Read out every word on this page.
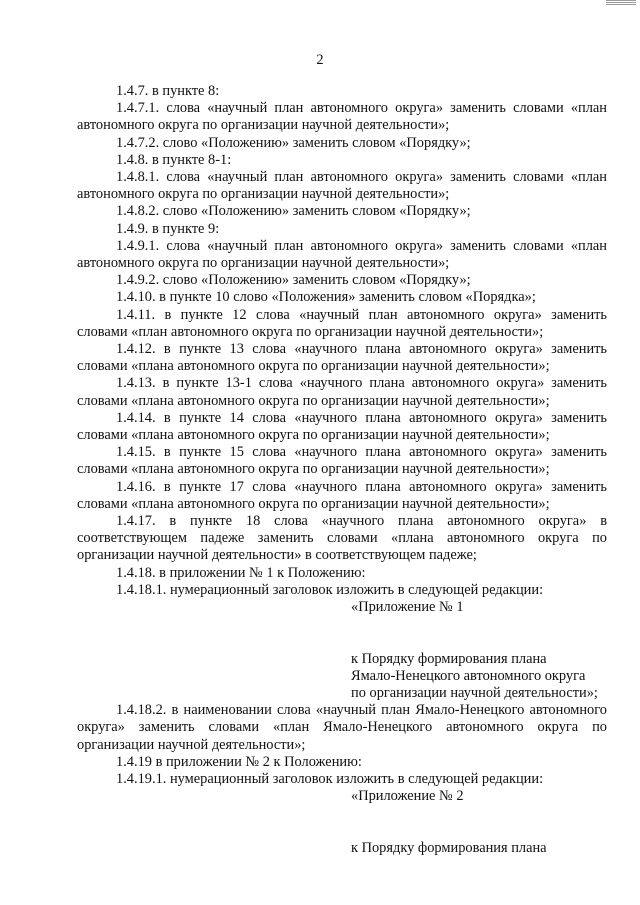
2

1.4.7. в пункте 8:

1.4.7.1. слова «научный план автономного округа» заменить словами «план автономного округа по организации научной деятельности»;

1.4.7.2. слово «Положению» заменить словом «Порядку»;

1.4.8. в пункте 8-1:

1.4.8.1. слова «научный план автономного округа» заменить словами «план автономного округа по организации научной деятельности»;

1.4.8.2. слово «Положению» заменить словом «Порядку»;

1.4.9. в пункте 9:

1.4.9.1. слова «научный план автономного округа» заменить словами «план автономного округа по организации научной деятельности»;

1.4.9.2. слово «Положению» заменить словом «Порядку»;

1.4.10. в пункте 10 слово «Положения» заменить словом «Порядка»;

1.4.11. в пункте 12 слова «научный план автономного округа» заменить словами «план автономного округа по организации научной деятельности»;

1.4.12. в пункте 13 слова «научного плана автономного округа» заменить словами «плана автономного округа по организации научной деятельности»;

1.4.13. в пункте 13-1 слова «научного плана автономного округа» заменить словами «плана автономного округа по организации научной деятельности»;

1.4.14. в пункте 14 слова «научного плана автономного округа» заменить словами «плана автономного округа по организации научной деятельности»;

1.4.15. в пункте 15 слова «научного плана автономного округа» заменить словами «плана автономного округа по организации научной деятельности»;

1.4.16. в пункте 17 слова «научного плана автономного округа» заменить словами «плана автономного округа по организации научной деятельности»;

1.4.17. в пункте 18 слова «научного плана автономного округа» в соответствующем падеже заменить словами «плана автономного округа по организации научной деятельности» в соответствующем падеже;

1.4.18. в приложении № 1 к Положению:

1.4.18.1. нумерационный заголовок изложить в следующей редакции:

«Приложение № 1

к Порядку формирования плана

Ямало-Ненецкого автономного округа

по организации научной деятельности»;

1.4.18.2. в наименовании слова «научный план Ямало-Ненецкого автономного округа» заменить словами «план Ямало-Ненецкого автономного округа по организации научной деятельности»;

1.4.19 в приложении № 2 к Положению:

1.4.19.1. нумерационный заголовок изложить в следующей редакции:

«Приложение № 2

к Порядку формирования плана
